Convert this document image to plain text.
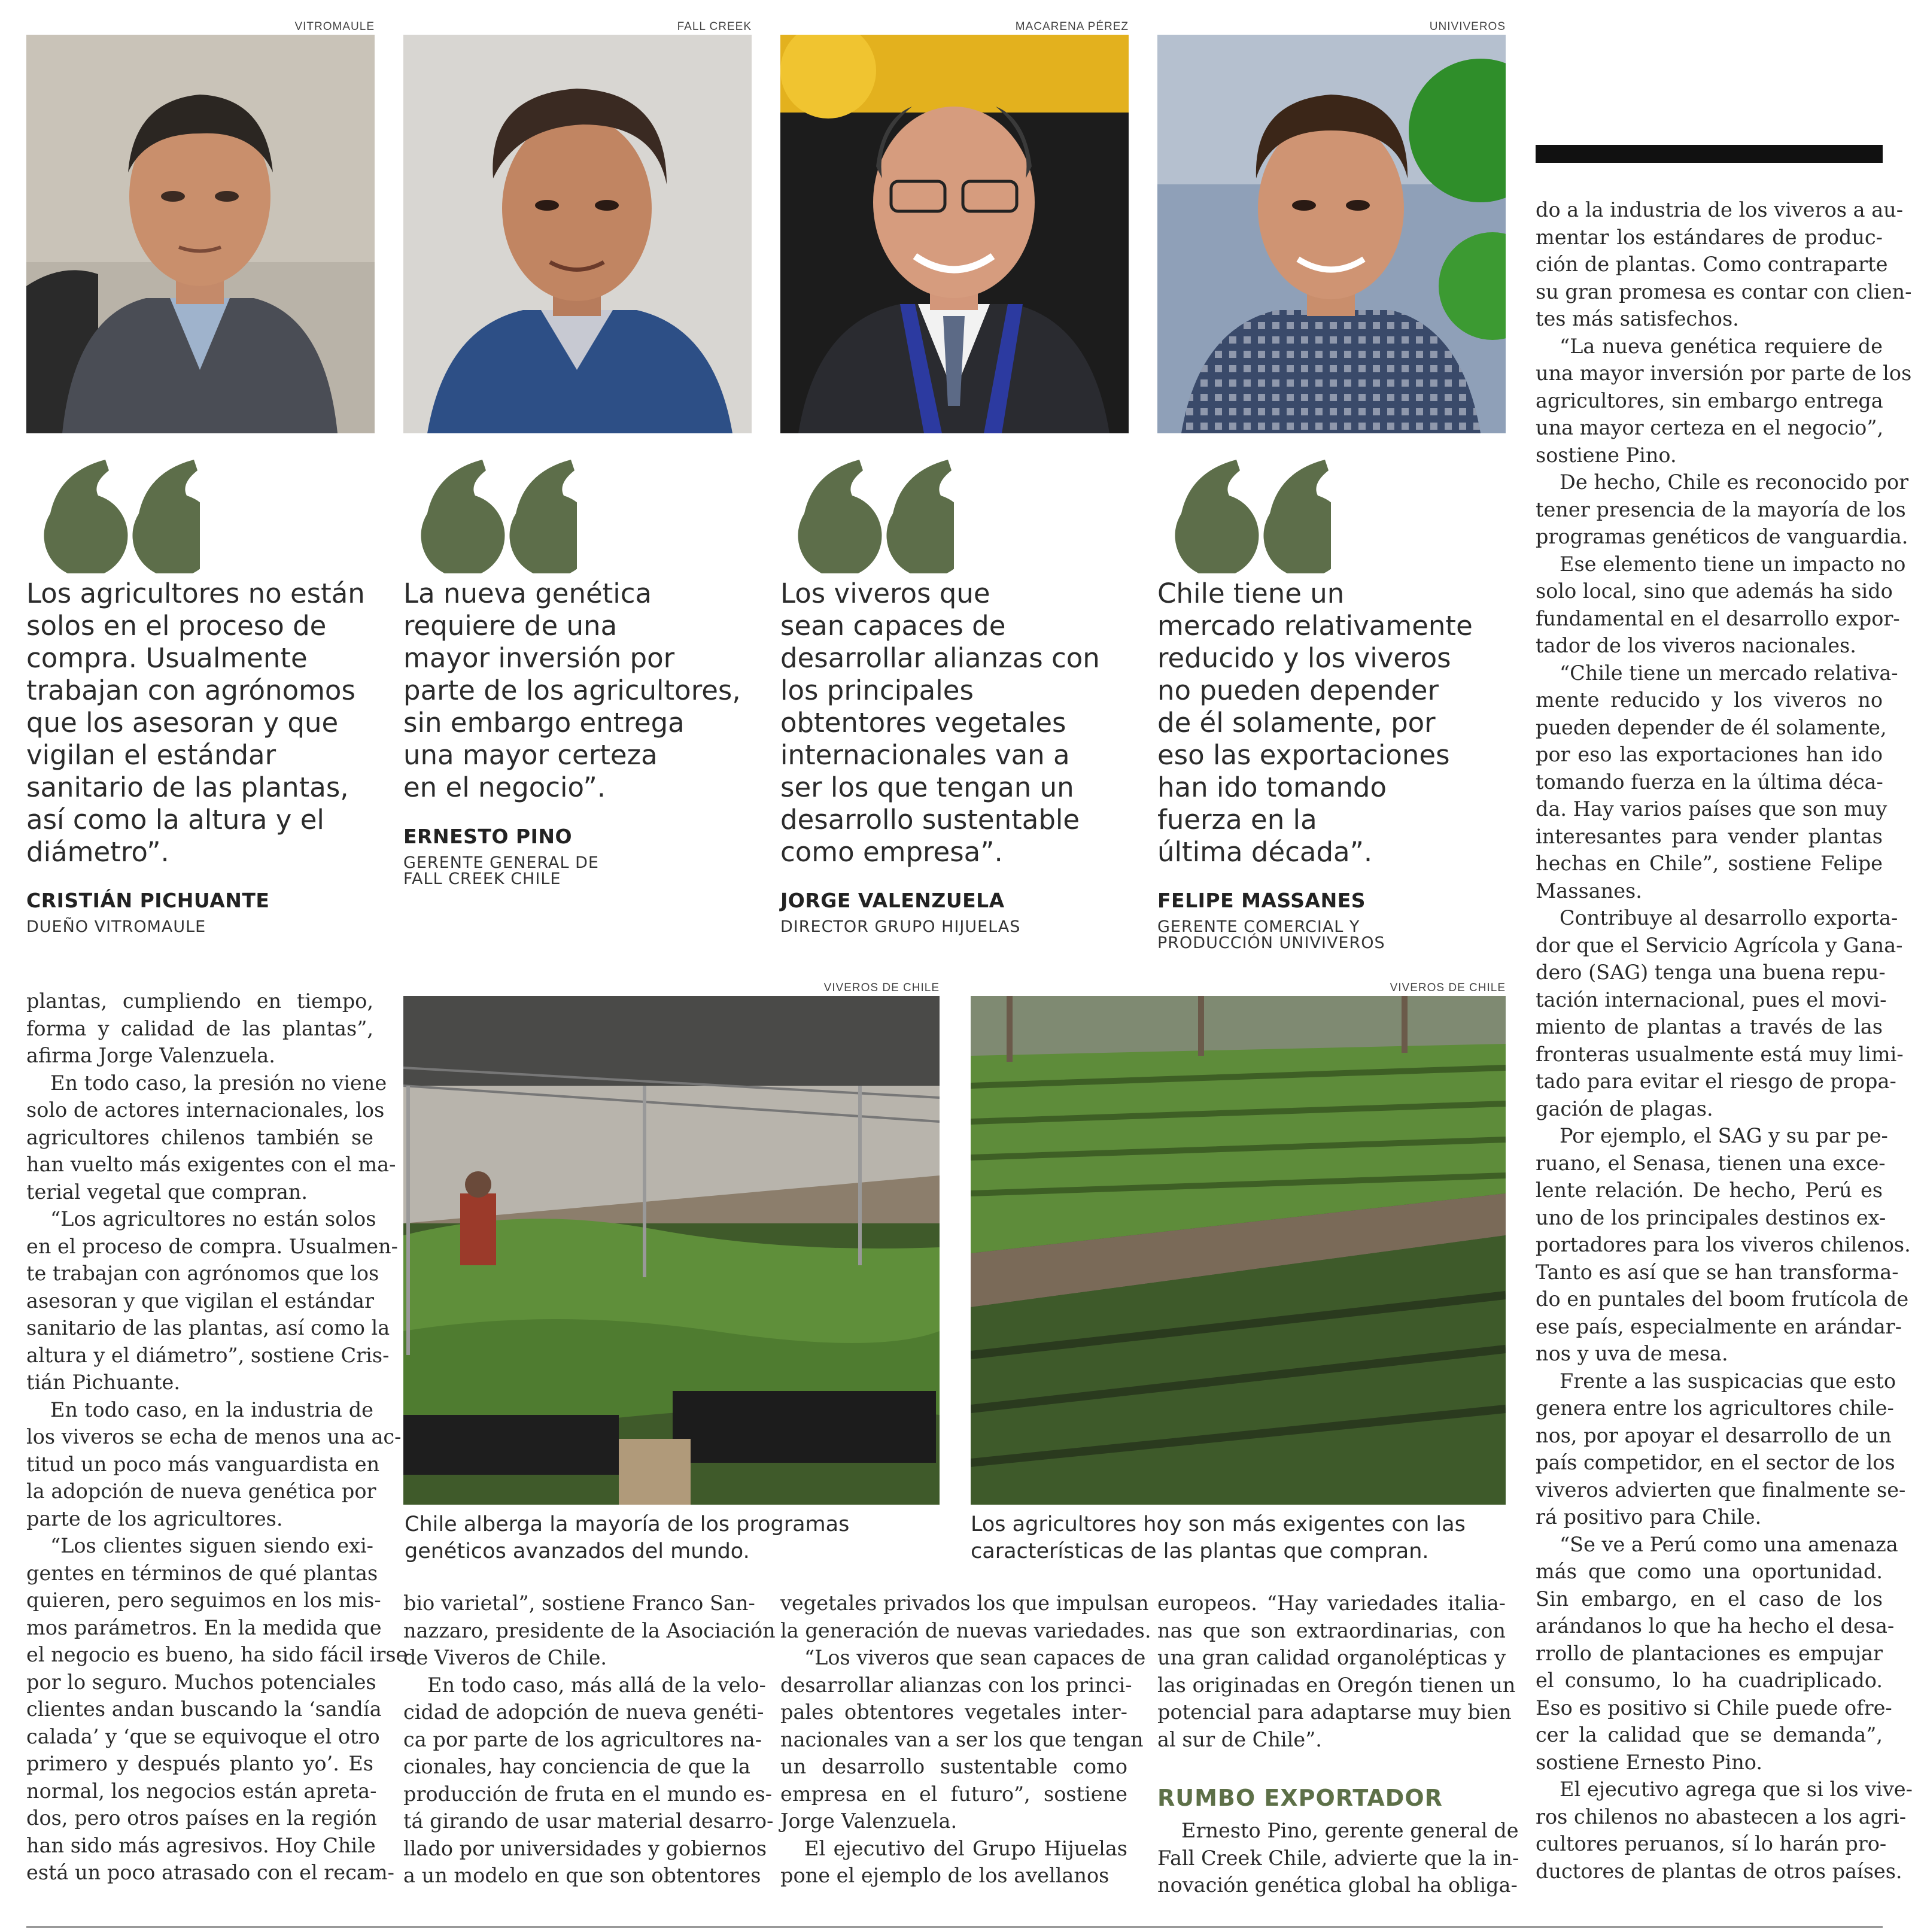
VITROMAULE	FALL CREEK	MACARENA PÉREZ	UNIVIVEROS
Los agricultores no están
solos en el proceso de
compra. Usualmente
trabajan con agrónomos
que los asesoran y que
vigilan el estándar
sanitario de las plantas,
así como la altura y el
diámetro”.
CRISTIÁN PICHUANTE
DUEÑO VITROMAULE
La nueva genética
requiere de una
mayor inversión por
parte de los agricultores,
sin embargo entrega
una mayor certeza
en el negocio”.
ERNESTO PINO
GERENTE GENERAL DE
FALL CREEK CHILE
Los viveros que
sean capaces de
desarrollar alianzas con
los principales
obtentores vegetales
internacionales van a
ser los que tengan un
desarrollo sustentable
como empresa”.
JORGE VALENZUELA
DIRECTOR GRUPO HIJUELAS
Chile tiene un
mercado relativamente
reducido y los viveros
no pueden depender
de él solamente, por
eso las exportaciones
han ido tomando
fuerza en la
última década”.
FELIPE MASSANES
GERENTE COMERCIAL Y
PRODUCCIÓN UNIVIVEROS
VIVEROS DE CHILE	VIVEROS DE CHILE
Chile alberga la mayoría de los programas
genéticos avanzados del mundo.
Los agricultores hoy son más exigentes con las
características de las plantas que compran.
plantas, cumpliendo en tiempo,
forma y calidad de las plantas”,
afirma Jorge Valenzuela.
En todo caso, la presión no viene
solo de actores internacionales, los
agricultores chilenos también se
han vuelto más exigentes con el ma-
terial vegetal que compran.
“Los agricultores no están solos
en el proceso de compra. Usualmen-
te trabajan con agrónomos que los
asesoran y que vigilan el estándar
sanitario de las plantas, así como la
altura y el diámetro”, sostiene Cris-
tián Pichuante.
En todo caso, en la industria de
los viveros se echa de menos una ac-
titud un poco más vanguardista en
la adopción de nueva genética por
parte de los agricultores.
“Los clientes siguen siendo exi-
gentes en términos de qué plantas
quieren, pero seguimos en los mis-
mos parámetros. En la medida que
el negocio es bueno, ha sido fácil irse
por lo seguro. Muchos potenciales
clientes andan buscando la ‘sandía
calada’ y ‘que se equivoque el otro
primero y después planto yo’. Es
normal, los negocios están apreta-
dos, pero otros países en la región
han sido más agresivos. Hoy Chile
está un poco atrasado con el recam-
bio varietal”, sostiene Franco San-
nazzaro, presidente de la Asociación
de Viveros de Chile.
En todo caso, más allá de la velo-
cidad de adopción de nueva genéti-
ca por parte de los agricultores na-
cionales, hay conciencia de que la
producción de fruta en el mundo es-
tá girando de usar material desarro-
llado por universidades y gobiernos
a un modelo en que son obtentores
vegetales privados los que impulsan
la generación de nuevas variedades.
“Los viveros que sean capaces de
desarrollar alianzas con los princi-
pales obtentores vegetales inter-
nacionales van a ser los que tengan
un desarrollo sustentable como
empresa en el futuro”, sostiene
Jorge Valenzuela.
El ejecutivo del Grupo Hijuelas
pone el ejemplo de los avellanos
europeos. “Hay variedades italia-
nas que son extraordinarias, con
una gran calidad organolépticas y
las originadas en Oregón tienen un
potencial para adaptarse muy bien
al sur de Chile”.
RUMBO EXPORTADOR
Ernesto Pino, gerente general de
Fall Creek Chile, advierte que la in-
novación genética global ha obliga-
do a la industria de los viveros a au-
mentar los estándares de produc-
ción de plantas. Como contraparte
su gran promesa es contar con clien-
tes más satisfechos.
“La nueva genética requiere de
una mayor inversión por parte de los
agricultores, sin embargo entrega
una mayor certeza en el negocio”,
sostiene Pino.
De hecho, Chile es reconocido por
tener presencia de la mayoría de los
programas genéticos de vanguardia.
Ese elemento tiene un impacto no
solo local, sino que además ha sido
fundamental en el desarrollo expor-
tador de los viveros nacionales.
“Chile tiene un mercado relativa-
mente reducido y los viveros no
pueden depender de él solamente,
por eso las exportaciones han ido
tomando fuerza en la última déca-
da. Hay varios países que son muy
interesantes para vender plantas
hechas en Chile”, sostiene Felipe
Massanes.
Contribuye al desarrollo exporta-
dor que el Servicio Agrícola y Gana-
dero (SAG) tenga una buena repu-
tación internacional, pues el movi-
miento de plantas a través de las
fronteras usualmente está muy limi-
tado para evitar el riesgo de propa-
gación de plagas.
Por ejemplo, el SAG y su par pe-
ruano, el Senasa, tienen una exce-
lente relación. De hecho, Perú es
uno de los principales destinos ex-
portadores para los viveros chilenos.
Tanto es así que se han transforma-
do en puntales del boom frutícola de
ese país, especialmente en arándar-
nos y uva de mesa.
Frente a las suspicacias que esto
genera entre los agricultores chile-
nos, por apoyar el desarrollo de un
país competidor, en el sector de los
viveros advierten que finalmente se-
rá positivo para Chile.
“Se ve a Perú como una amenaza
más que como una oportunidad.
Sin embargo, en el caso de los
arándanos lo que ha hecho el desa-
rrollo de plantaciones es empujar
el consumo, lo ha cuadriplicado.
Eso es positivo si Chile puede ofre-
cer la calidad que se demanda”,
sostiene Ernesto Pino.
El ejecutivo agrega que si los vive-
ros chilenos no abastecen a los agri-
cultores peruanos, sí lo harán pro-
ductores de plantas de otros países.
